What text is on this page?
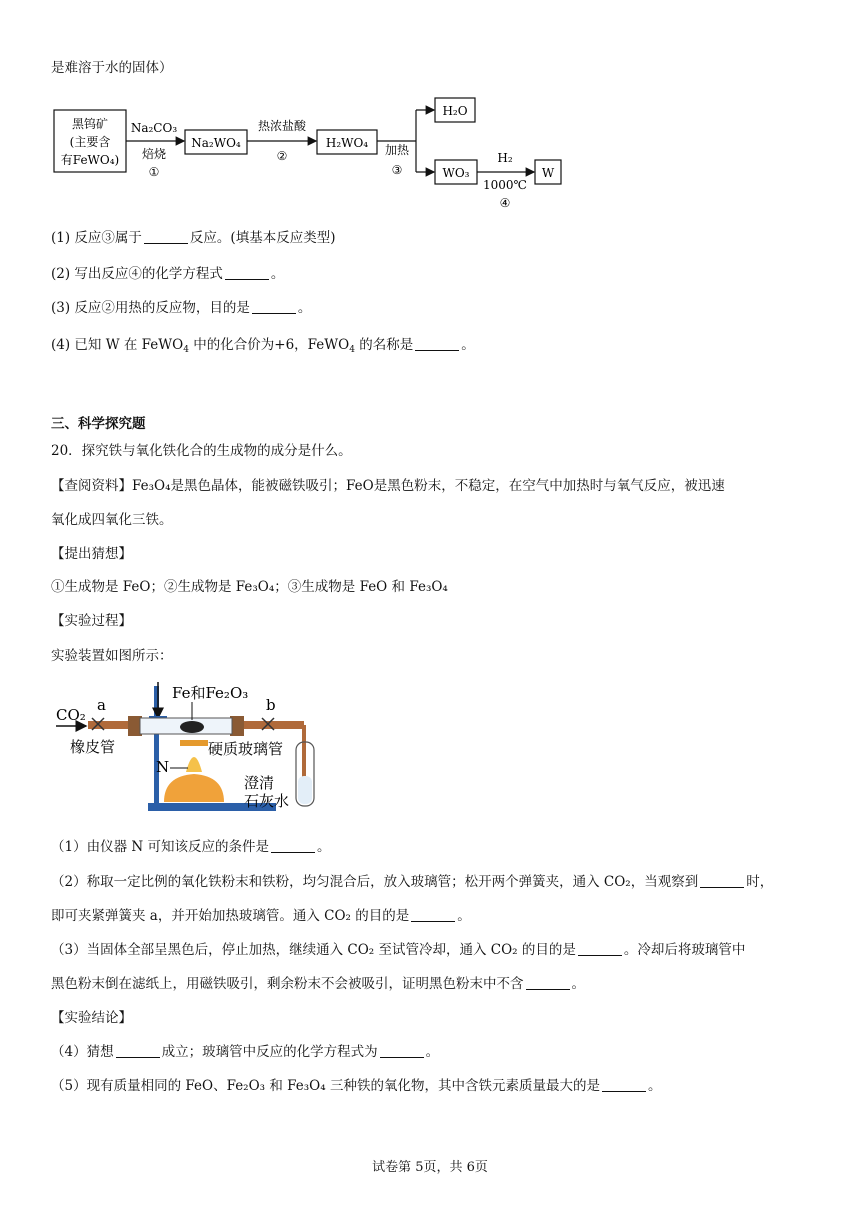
是难溶于水的固体）
黑钨矿
(主要含
有FeWO₄)
Na₂CO₃
焙烧
①
Na₂WO₄
热浓盐酸
②
H₂WO₄ 加热
③
H₂O
WO₃
H₂
1000℃
④
W
(1) 反应③属于	反应。(填基本反应类型)
(2) 写出反应④的化学方程式	。
(3) 反应②用热的反应物，目的是	。
(4) 已知 W 在 FeWO$_4$ 中的化合价为+6，FeWO$_4$ 的名称是	。
三、科学探究题
20．探究铁与氧化铁化合的生成物的成分是什么。
【查阅资料】Fe₃O₄是黑色晶体，能被磁铁吸引；FeO是黑色粉末，不稳定，在空气中加热时与氧气反应，被迅速
氧化成四氧化三铁。
【提出猜想】
①生成物是 FeO；②生成物是 Fe₃O₄；③生成物是 FeO 和 Fe₃O₄
【实验过程】
实验装置如图所示：
CO₂
a
Fe和Fe₂O₃
b
N
橡皮管	硬质玻璃管
澄清
石灰水
（1）由仪器 N 可知该反应的条件是	。
（2）称取一定比例的氧化铁粉末和铁粉，均匀混合后，放入玻璃管；松开两个弹簧夹，通入 CO₂，当观察到	时，
即可夹紧弹簧夹 a，并开始加热玻璃管。通入 CO₂ 的目的是	。
（3）当固体全部呈黑色后，停止加热，继续通入 CO₂ 至试管冷却，通入 CO₂ 的目的是	。冷却后将玻璃管中
黑色粉末倒在滤纸上，用磁铁吸引，剩余粉末不会被吸引，证明黑色粉末中不含	。
【实验结论】
（4）猜想	成立；玻璃管中反应的化学方程式为	。
（5）现有质量相同的 FeO、Fe₂O₃ 和 Fe₃O₄ 三种铁的氧化物，其中含铁元素质量最大的是	。
试卷第 5页，共 6页
